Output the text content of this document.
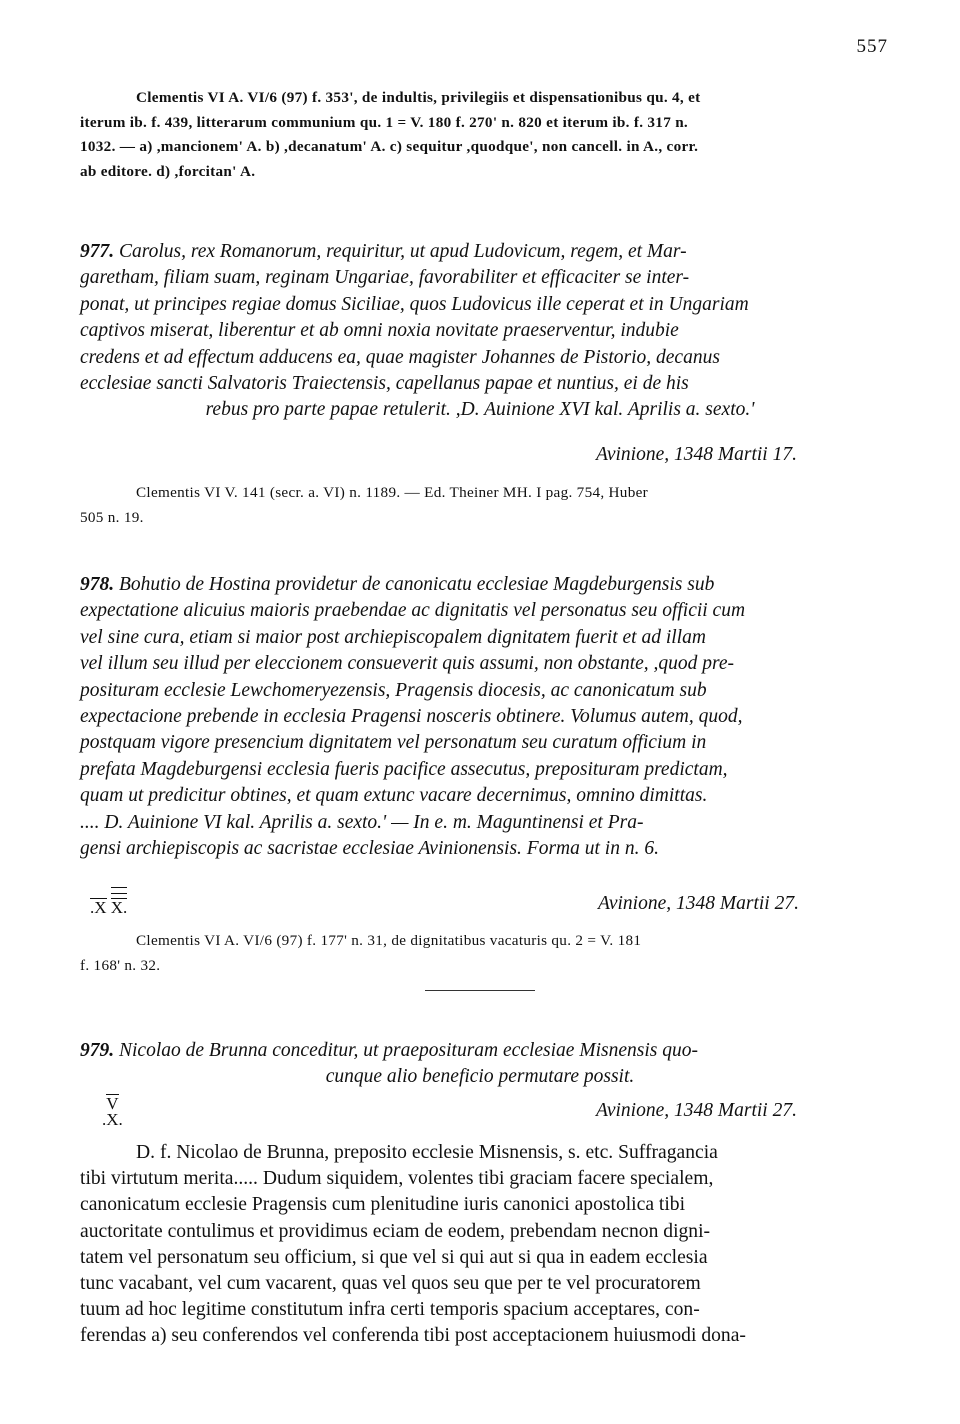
557
Clementis VI A. VI/6 (97) f. 353', de indultis, privilegiis et dispensationibus qu. 4, et
iterum ib. f. 439, litterarum communium qu. 1 = V. 180 f. 270' n. 820 et iterum ib. f. 317 n.
1032. — a) ,mancionem' A. b) ,decanatum' A. c) sequitur ,quodque', non cancell. in A., corr.
ab editore. d) ,forcitan' A.
977. Carolus, rex Romanorum, requiritur, ut apud Ludovicum, regem, et Mar-
garetham, filiam suam, reginam Ungariae, favorabiliter et efficaciter se inter-
ponat, ut principes regiae domus Siciliae, quos Ludovicus ille ceperat et in Ungariam
captivos miserat, liberentur et ab omni noxia novitate praeserventur, indubie
credens et ad effectum adducens ea, quae magister Johannes de Pistorio, decanus
ecclesiae sancti Salvatoris Traiectensis, capellanus papae et nuntius, ei de his
rebus pro parte papae retulerit. ,D. Auinione XVI kal. Aprilis a. sexto.'
Avinione, 1348 Martii 17.
Clementis VI V. 141 (secr. a. VI) n. 1189. — Ed. Theiner MH. I pag. 754, Huber
505 n. 19.
978. Bohutio de Hostina providetur de canonicatu ecclesiae Magdeburgensis sub
expectatione alicuius maioris praebendae ac dignitatis vel personatus seu officii cum
vel sine cura, etiam si maior post archiepiscopalem dignitatem fuerit et ad illam
vel illum seu illud per eleccionem consueverit quis assumi, non obstante, ,quod pre-
posituram ecclesie Lewchomeryezensis, Pragensis diocesis, ac canonicatum sub
expectacione prebende in ecclesia Pragensi nosceris obtinere. Volumus autem, quod,
postquam vigore presencium dignitatem vel personatum seu curatum officium in
prefata Magdeburgensi ecclesia fueris pacifice assecutus, preposituram predictam,
quam ut predicitur obtines, et quam extunc vacare decernimus, omnino dimittas.
.... D. Auinione VI kal. Aprilis a. sexto.' — In e. m. Maguntinensi et Pra-
gensi archiepiscopis ac sacristae ecclesiae Avinionensis. Forma ut in n. 6.
.X X.	Avinione, 1348 Martii 27.
Clementis VI A. VI/6 (97) f. 177' n. 31, de dignitatibus vacaturis qu. 2 = V. 181
f. 168' n. 32.
979. Nicolao de Brunna conceditur, ut praeposituram ecclesiae Misnensis quo-
cunque alio beneficio permutare possit.
V
.X.	Avinione, 1348 Martii 27.
D. f. Nicolao de Brunna, preposito ecclesie Misnensis, s. etc. Suffragancia
tibi virtutum merita..... Dudum siquidem, volentes tibi graciam facere specialem,
canonicatum ecclesie Pragensis cum plenitudine iuris canonici apostolica tibi
auctoritate contulimus et providimus eciam de eodem, prebendam necnon digni-
tatem vel personatum seu officium, si que vel si qui aut si qua in eadem ecclesia
tunc vacabant, vel cum vacarent, quas vel quos seu que per te vel procuratorem
tuum ad hoc legitime constitutum infra certi temporis spacium acceptares, con-
ferendas a) seu conferendos vel conferenda tibi post acceptacionem huiusmodi dona-
